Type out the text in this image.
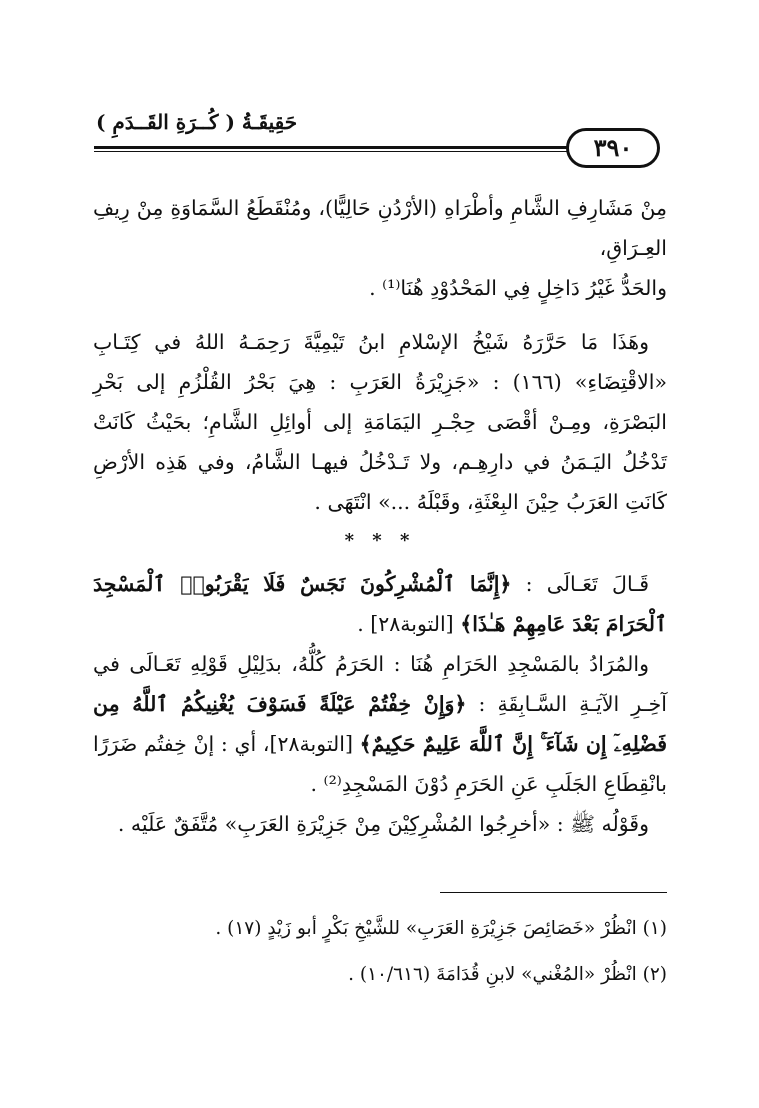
حَقِيقَـةُ ( كُــرَةِ القَــدَمِ )
٣٩٠

مِنْ مَشَارِفِ الشَّامِ وأطْرَاهِ (الأرْدُنِ حَالِيًّا)، ومُنْقَطَعُ السَّمَاوَةِ مِنْ رِيفِ العِـرَاقِ،

والحَدُّ غَيْرُ دَاخِلٍ فِي المَحْدُوْدِ هُنَا⁽¹⁾ .

وهَذَا مَا حَرَّرَهُ شَيْخُ الإسْلامِ ابنُ تَيْمِيَّةَ رَحِمَـهُ اللهُ في كِتَـابِ «الاقْتِضَاءِ» (١٦٦) : «جَزِيْرَةُ العَرَبِ : هِيَ بَحْرُ القُلْزُمِ إلى بَحْرِ البَصْرَةِ، ومِـنْ أقْصَى حِجْـرِ اليَمَامَةِ إلى أوائِلِ الشَّامِ؛ بحَيْثُ كَانَتْ تَدْخُلُ اليَـمَنُ في دارِهِـم، ولا تَـدْخُلُ فيهـا الشَّامُ، وفي هَذِه الأرْضِ كَانَتِ العَرَبُ حِيْنَ البِعْثَةِ، وقَبْلَهُ ...» انْتَهَى .

* * *

قَـالَ تَعَـالَى : ﴿إِنَّمَا ٱلْمُشْرِكُونَ نَجَسٌ فَلَا يَقْرَبُوا۟ ٱلْمَسْجِدَ ٱلْحَرَامَ بَعْدَ عَامِهِمْ هَـٰذَا﴾ [التوبة٢٨] .

والمُرَادُ بالمَسْجِدِ الحَرَامِ هُنَا : الحَرَمُ كُلُّهُ، بدَلِيْلِ قَوْلِهِ تَعَـالَى في آخِـرِ الآيَـةِ السَّـابِقَةِ : ﴿وَإِنْ خِفْتُمْ عَيْلَةً فَسَوْفَ يُغْنِيكُمُ ٱللَّهُ مِن فَضْلِهِۦٓ إِن شَآءَ ۚ إِنَّ ٱللَّهَ عَلِيمٌ حَكِيمٌ﴾ [التوبة٢٨]، أي : إنْ خِفتُم ضَرَرًا بانْقِطَاعِ الجَلَبِ عَنِ الحَرَمِ دُوْنَ المَسْجِدِ⁽²⁾ .

وقَوْلُه ﷺ : «أخرِجُوا المُشْرِكِيْنَ مِنْ جَزِيْرَةِ العَرَبِ» مُتَّفَقٌ عَلَيْه .

(١) انْظُرْ «خَصَائِصَ جَزِيْرَةِ العَرَبِ» للشَّيْخِ بَكْرٍ أبو زَيْدٍ (١٧) .

(٢) انْظُرْ «المُغْني» لابنِ قُدَامَةَ (١٠/٦١٦) .
